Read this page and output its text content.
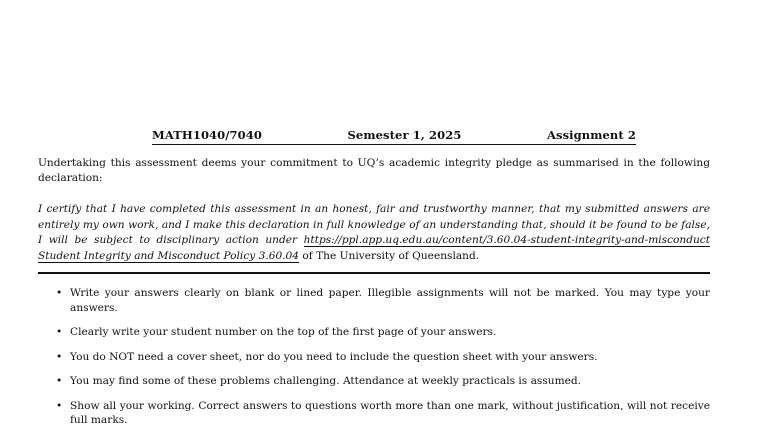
MATH1040/7040	Semester 1, 2025	Assignment 2
Undertaking this assessment deems your commitment to UQ’s academic integrity pledge as summarised in the following declaration:
I certify that I have completed this assessment in an honest, fair and trustworthy manner, that my submitted answers are entirely my own work, and I make this declaration in full knowledge of an understanding that, should it be found to be false, I will be subject to disciplinary action under https://ppl.app.uq.edu.au/content/3.60.04-student-integrity-and-misconduct Student Integrity and Misconduct Policy 3.60.04 of The University of Queensland.
• Write your answers clearly on blank or lined paper. Illegible assignments will not be marked. You may type your answers.
• Clearly write your student number on the top of the first page of your answers.
• You do NOT need a cover sheet, nor do you need to include the question sheet with your answers.
• You may find some of these problems challenging. Attendance at weekly practicals is assumed.
• Show all your working. Correct answers to questions worth more than one mark, without justification, will not receive full marks.
